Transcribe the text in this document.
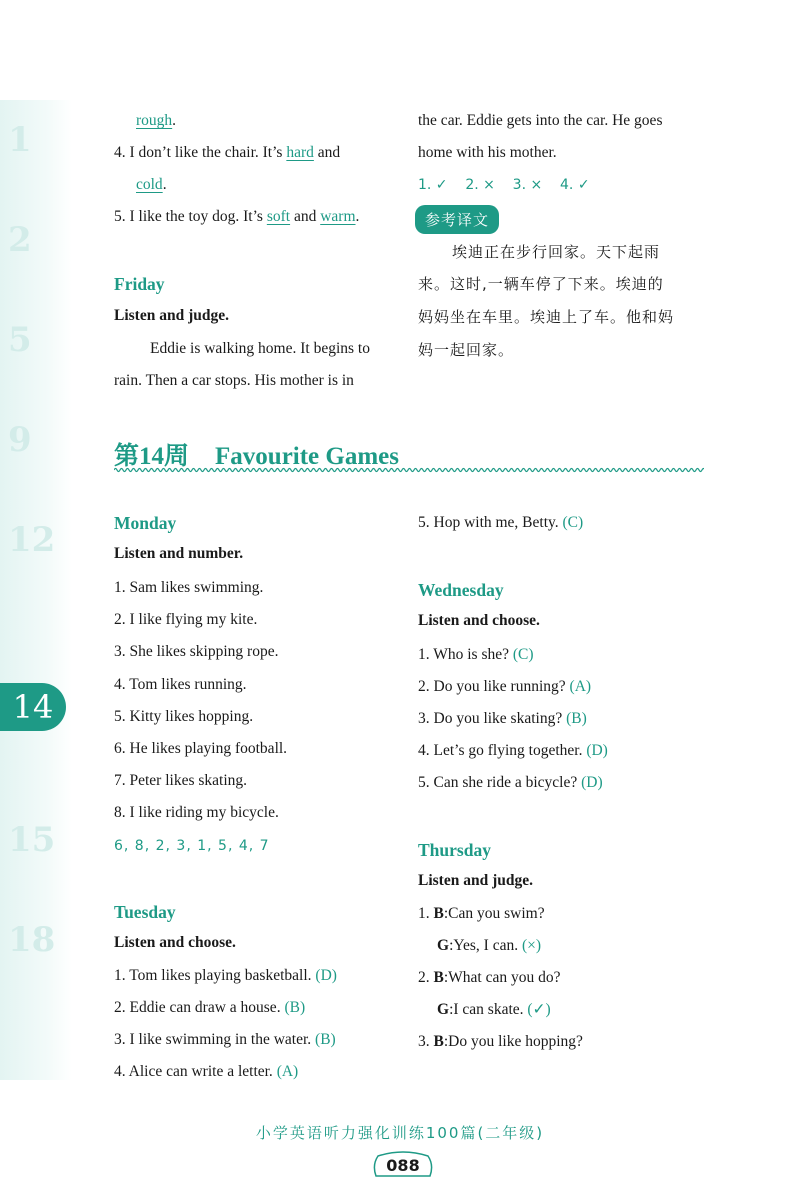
1
2
5
9
12
15
18
14
rough.
4. I don’t like the chair. It’s hard and
cold.
5. I like the toy dog. It’s soft and warm.
Friday
Listen and judge.
Eddie is walking home. It begins to
rain. Then a car stops. His mother is in
the car. Eddie gets into the car. He goes
home with his mother.
1. ✓    2. ×    3. ×    4. ✓
参考译文
埃迪正在步行回家。天下起雨
来。这时,一辆车停了下来。埃迪的
妈妈坐在车里。埃迪上了车。他和妈
妈一起回家。
第14周 Favourite Games
Monday
Listen and number.
1. Sam likes swimming.
2. I like flying my kite.
3. She likes skipping rope.
4. Tom likes running.
5. Kitty likes hopping.
6. He likes playing football.
7. Peter likes skating.
8. I like riding my bicycle.
6, 8, 2, 3, 1, 5, 4, 7
Tuesday
Listen and choose.
1. Tom likes playing basketball. (D)
2. Eddie can draw a house. (B)
3. I like swimming in the water. (B)
4. Alice can write a letter. (A)
5. Hop with me, Betty. (C)
Wednesday
Listen and choose.
1. Who is she? (C)
2. Do you like running? (A)
3. Do you like skating? (B)
4. Let’s go flying together. (D)
5. Can she ride a bicycle? (D)
Thursday
Listen and judge.
1. B:Can you swim?
G:Yes, I can. (×)
2. B:What can you do?
G:I can skate. (✓)
3. B:Do you like hopping?
小学英语听力强化训练100篇(二年级)
088
